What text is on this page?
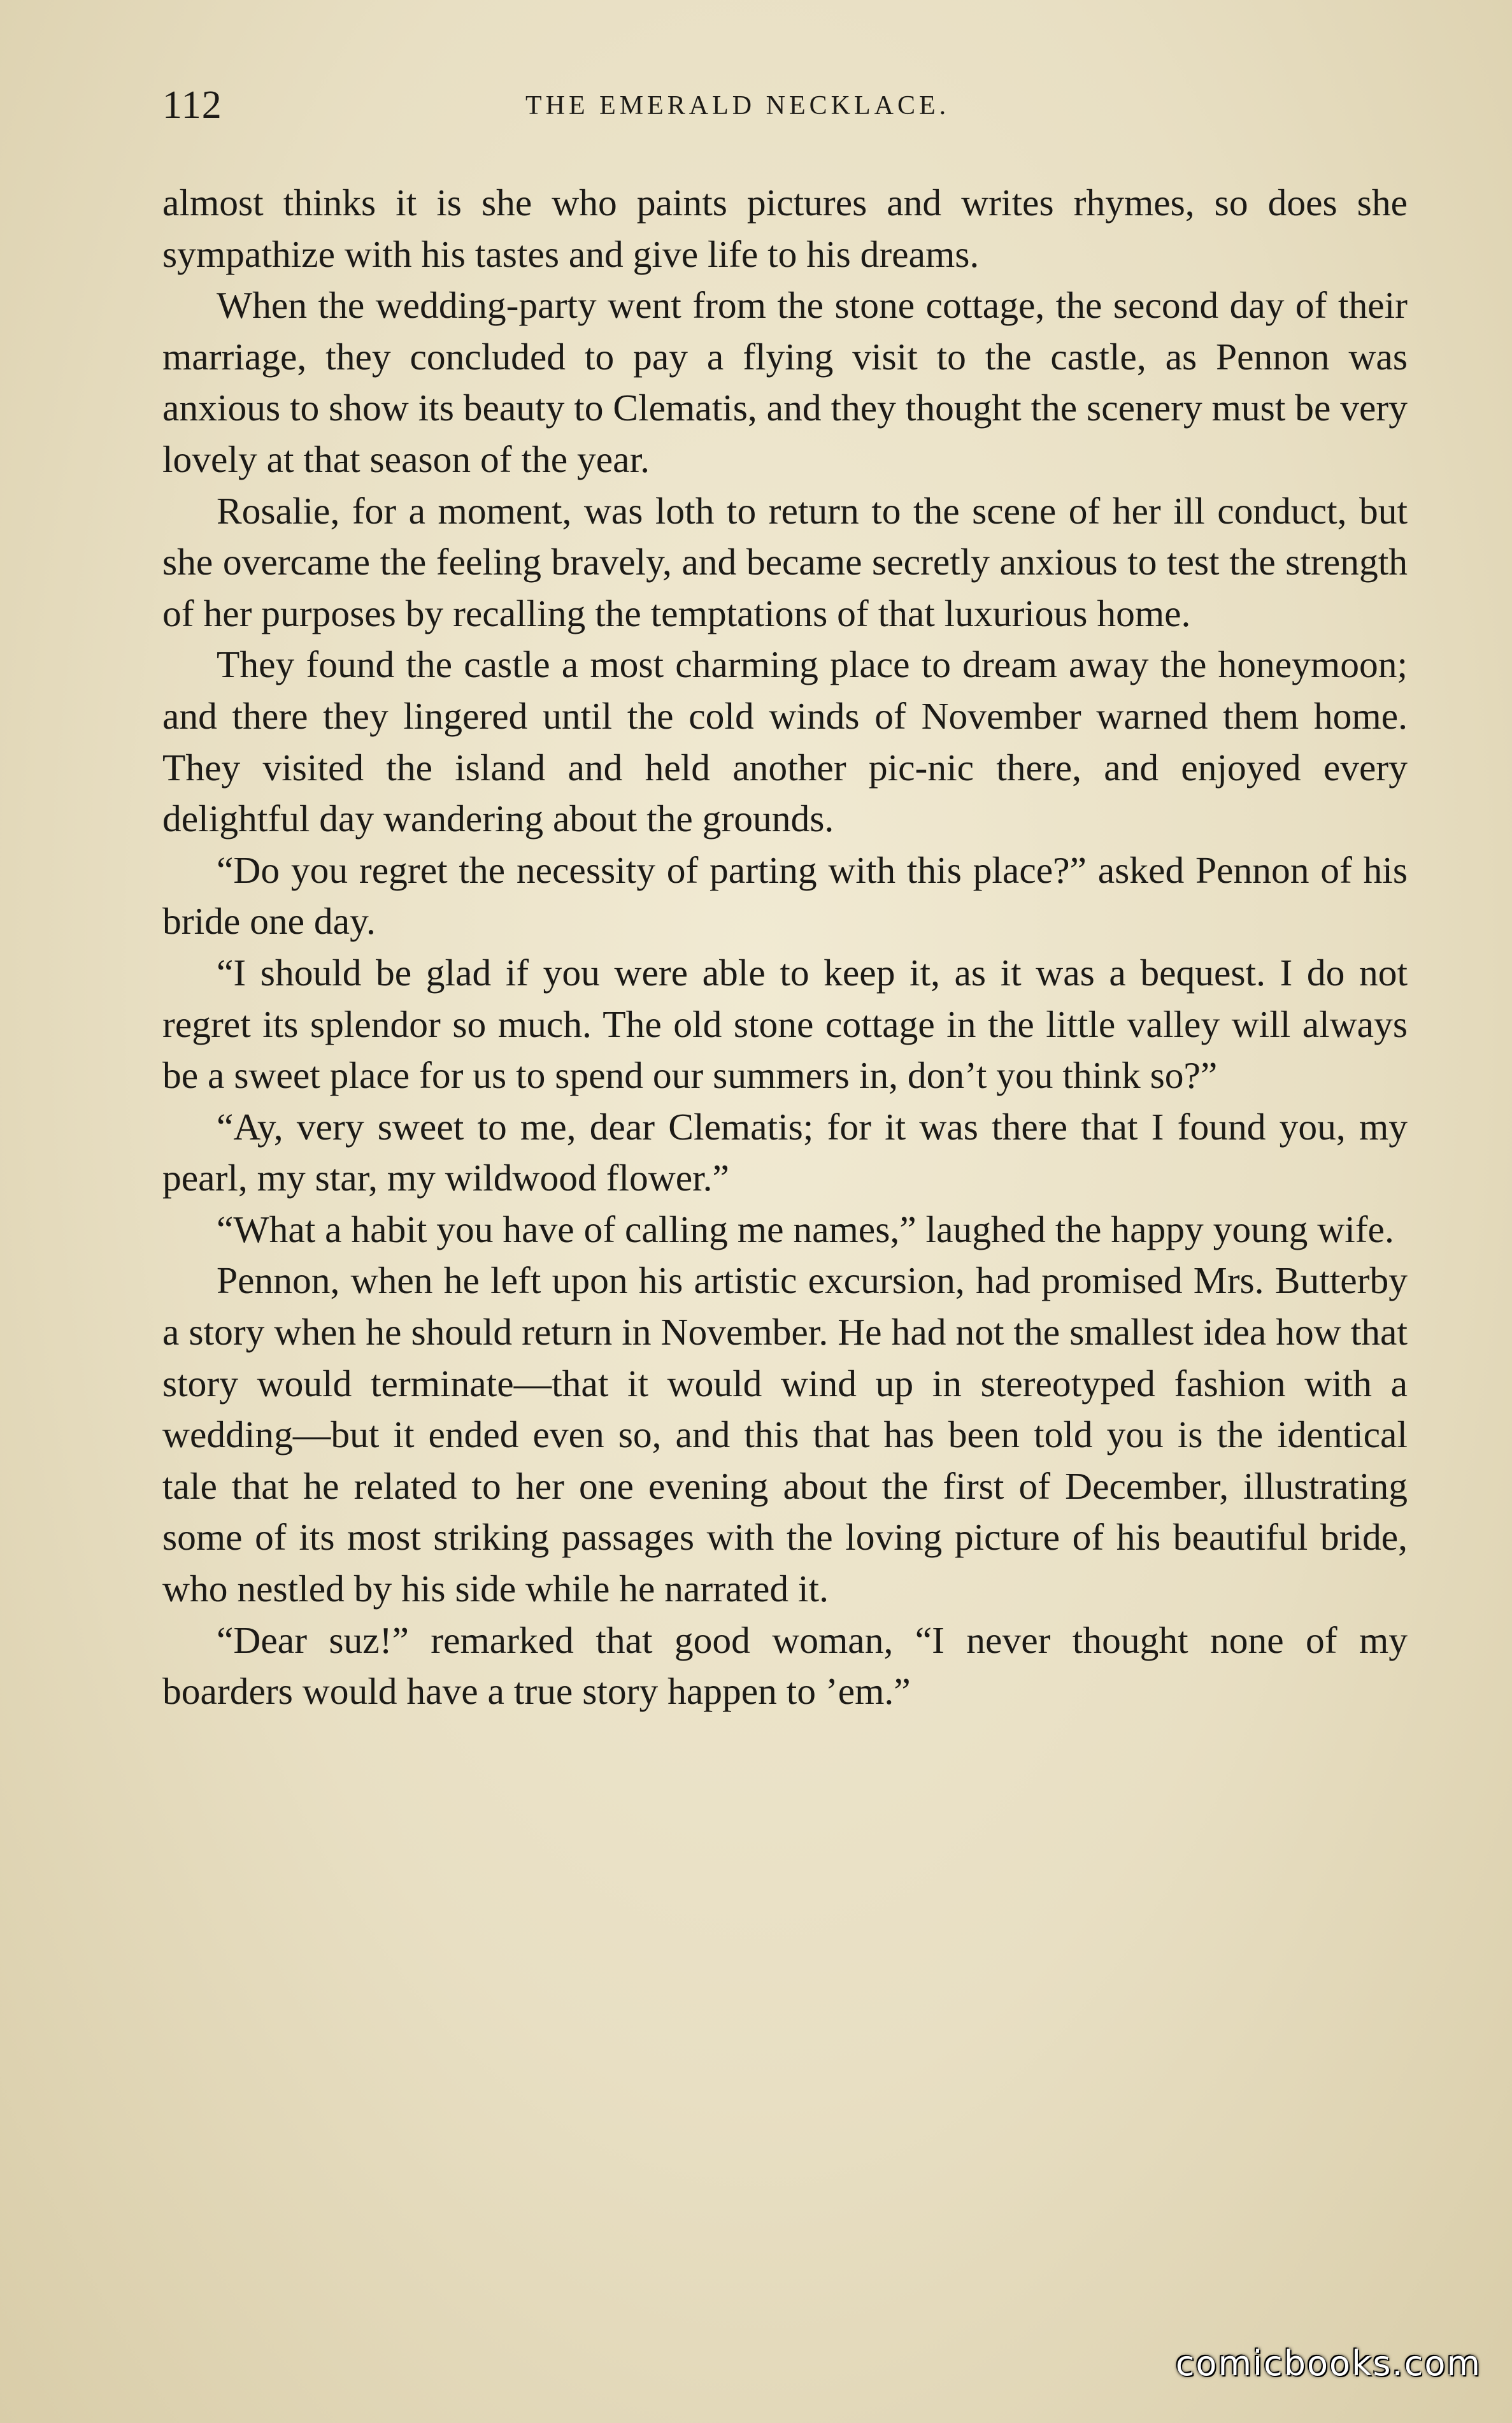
112	THE EMERALD NECKLACE.

almost thinks it is she who paints pictures and writes rhymes, so does she sympathize with his tastes and give life to his dreams.

When the wedding-party went from the stone cottage, the second day of their marriage, they concluded to pay a flying visit to the castle, as Pennon was anxious to show its beauty to Clematis, and they thought the scenery must be very lovely at that season of the year.

Rosalie, for a moment, was loth to return to the scene of her ill conduct, but she overcame the feeling bravely, and became secretly anxious to test the strength of her purposes by recalling the temptations of that luxurious home.

They found the castle a most charming place to dream away the honeymoon; and there they lingered until the cold winds of November warned them home. They visited the island and held another pic-nic there, and enjoyed every delightful day wandering about the grounds.

“Do you regret the necessity of parting with this place?” asked Pennon of his bride one day.

“I should be glad if you were able to keep it, as it was a bequest. I do not regret its splendor so much. The old stone cottage in the little valley will always be a sweet place for us to spend our summers in, don’t you think so?”

“Ay, very sweet to me, dear Clematis; for it was there that I found you, my pearl, my star, my wildwood flower.”

“What a habit you have of calling me names,” laughed the happy young wife.

Pennon, when he left upon his artistic excursion, had promised Mrs. Butterby a story when he should return in November. He had not the smallest idea how that story would terminate—that it would wind up in stereotyped fashion with a wedding—but it ended even so, and this that has been told you is the identical tale that he related to her one evening about the first of December, illustrating some of its most striking passages with the loving picture of his beautiful bride, who nestled by his side while he narrated it.

“Dear suz!” remarked that good woman, “I never thought none of my boarders would have a true story happen to ’em.”

comicbooks.com
